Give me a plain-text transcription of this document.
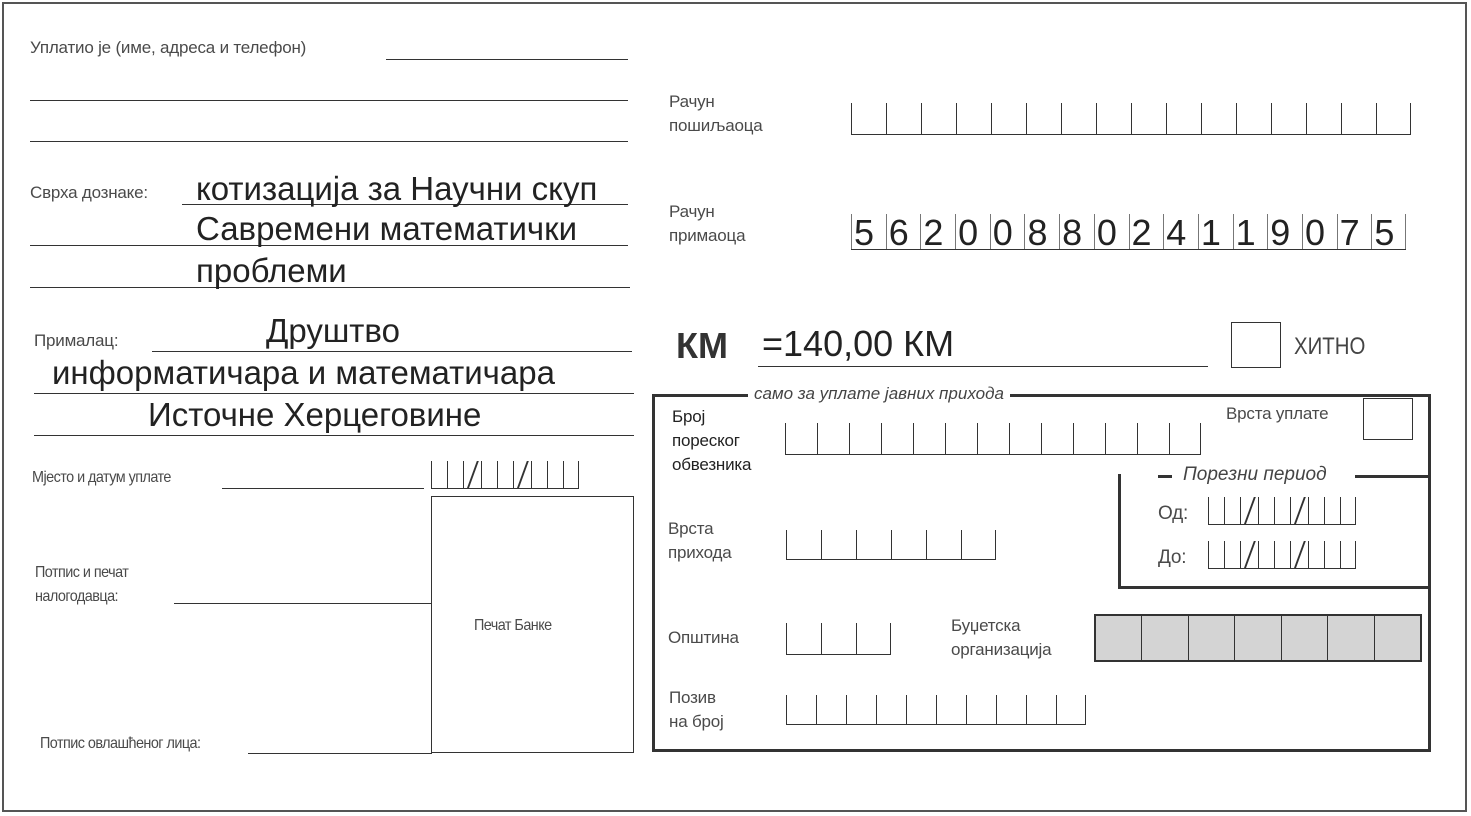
Уплатио је (име, адреса и телефон)
Сврха дознаке: котизација за Научни скуп
Савремени математички
проблеми
Прималац:	Друштво
информатичара и математичара
Источне Херцеговине
Мјесто и датум уплате
Потпис и печат налогодавца:
Потпис овлашћеног лица:
Печат Банке
Рачун
пошиљаоца
Рачун
примаоца	5 6 2 0 0 8 8 0 2 4 1 1 9 0 7 5
КМ =140,00 КМ	ХИТНО
само за уплате јавних прихода
Врста уплате
Број
пореског
обвезника	Порезни период
Од:
До:
Врста
прихода
Општина
Буџетска
организација
Позив
на број
